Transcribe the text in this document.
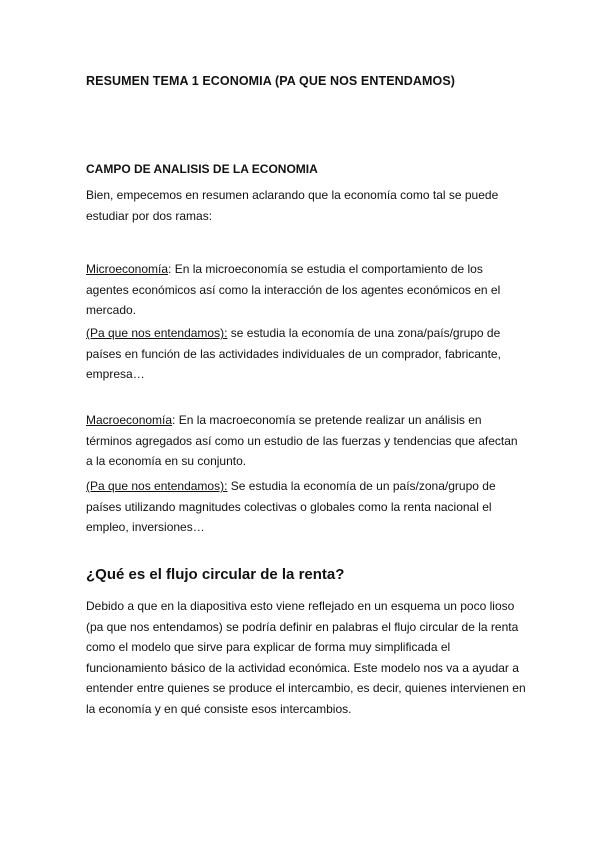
RESUMEN TEMA 1 ECONOMIA (PA QUE NOS ENTENDAMOS)
CAMPO DE ANALISIS DE LA ECONOMIA
Bien, empecemos en resumen aclarando que la economía como tal se puede estudiar por dos ramas:
Microeconomía: En la microeconomía se estudia el comportamiento de los agentes económicos así como la interacción de los agentes económicos en el mercado.
(Pa que nos entendamos): se estudia la economía de una zona/país/grupo de países en función de las actividades individuales de un comprador, fabricante, empresa…
Macroeconomía: En la macroeconomía se pretende realizar un análisis en términos agregados así como un estudio de las fuerzas y tendencias que afectan a la economía en su conjunto.
(Pa que nos entendamos): Se estudia la economía de un país/zona/grupo de países utilizando magnitudes colectivas o globales como la renta nacional el empleo, inversiones…
¿Qué es el flujo circular de la renta?
Debido a que en la diapositiva esto viene reflejado en un esquema un poco lioso (pa que nos entendamos) se podría definir en palabras el flujo circular de la renta como el modelo que sirve para explicar de forma muy simplificada el funcionamiento básico de la actividad económica. Este modelo nos va a ayudar a entender entre quienes se produce el intercambio, es decir, quienes intervienen en la economía y en qué consiste esos intercambios.
